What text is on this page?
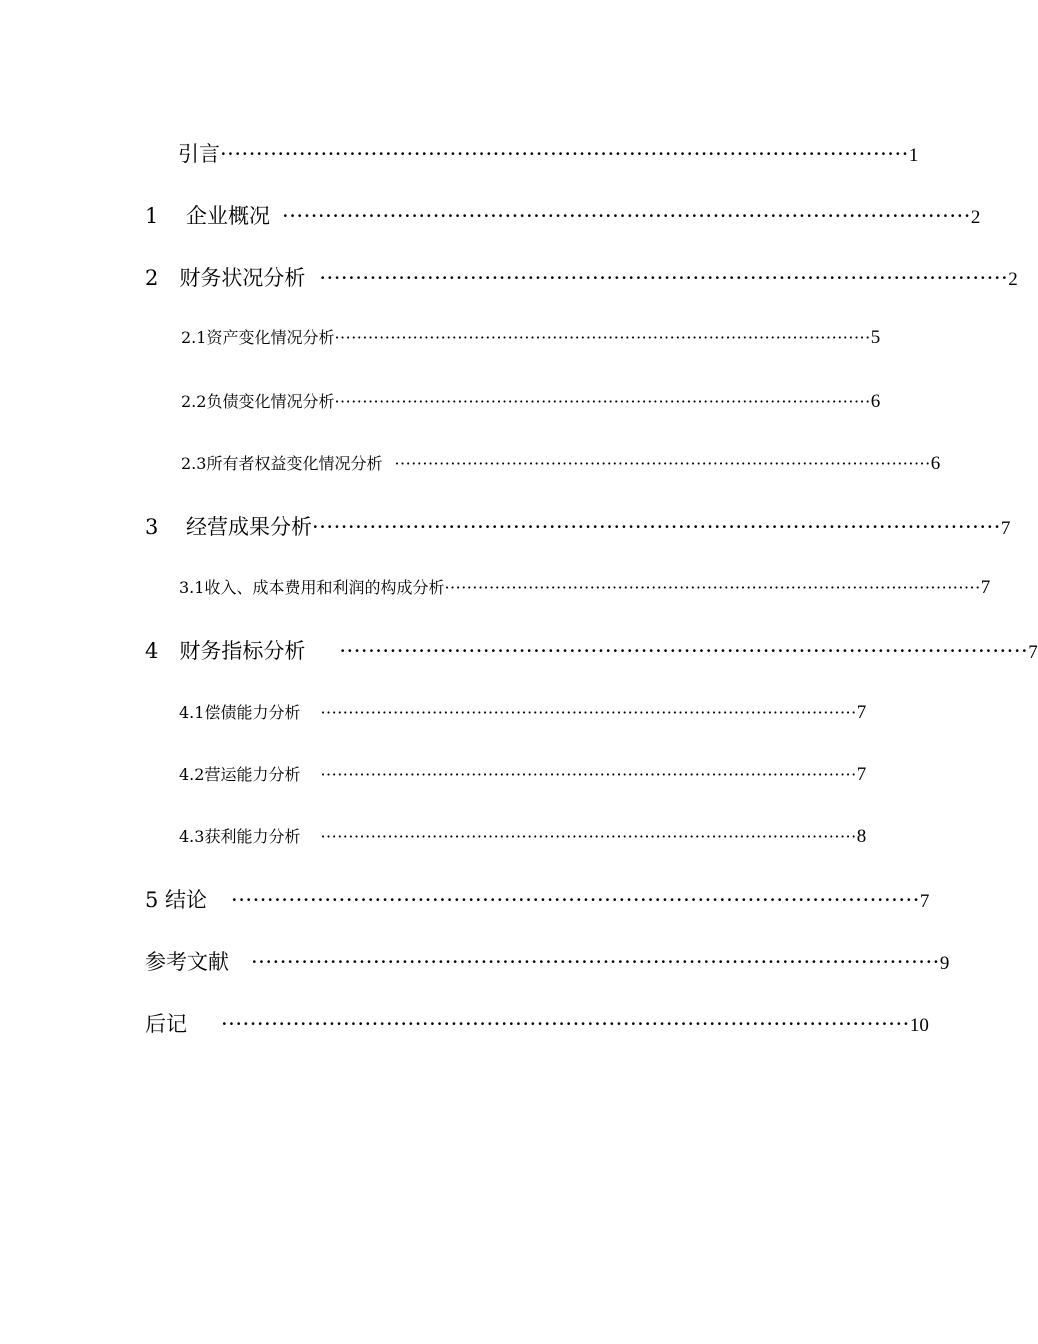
引言 ································································································ 1
1　 企业概况 ································································································ 2
2　财务状况分析 ································································································ 2
2.1资产变化情况分析 ································································································ 5
2.2负债变化情况分析 ································································································ 6
2.3所有者权益变化情况分析 ································································································ 6
3　 经营成果分析 ································································································ 7
3.1收入、成本费用和利润的构成分析 ································································································ 7
4　财务指标分析 ································································································ 7
4.1偿债能力分析 ································································································ 7
4.2营运能力分析 ································································································ 7
4.3获利能力分析 ································································································ 8
5 结论 ································································································ 7
参考文献 ································································································ 9
后记 ································································································ 10
